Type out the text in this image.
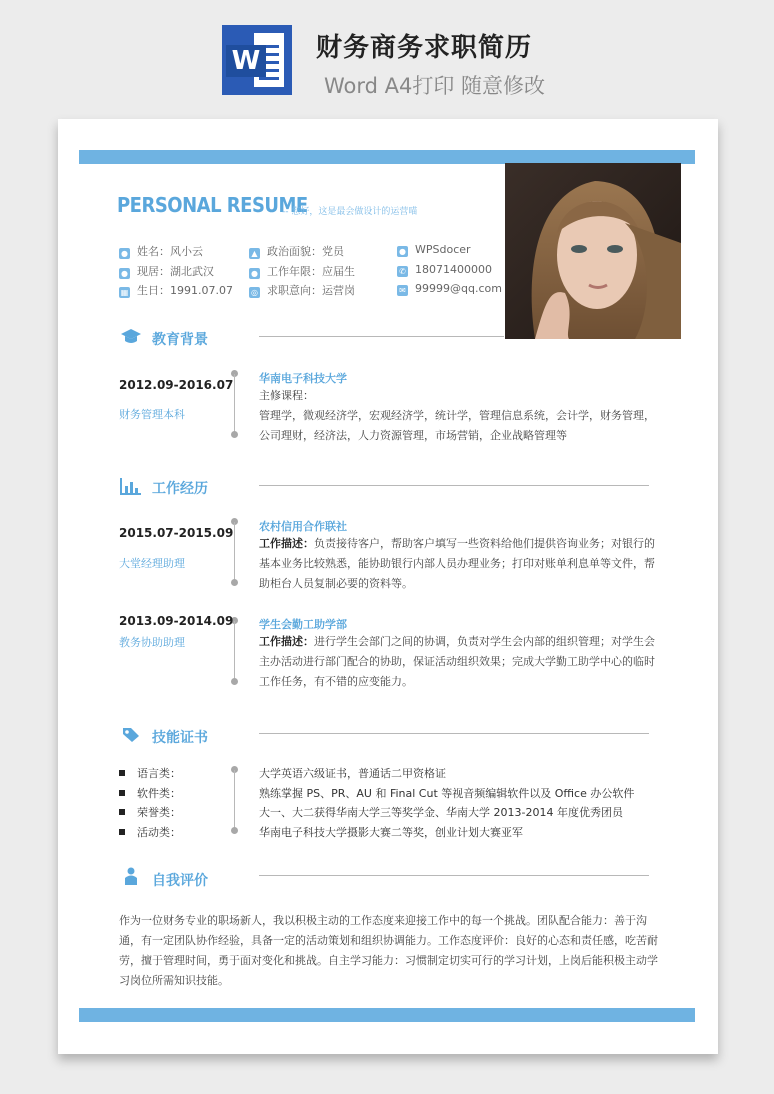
W 财务商务求职简历
Word A4打印 随意修改
PERSONAL RESUME
-- 您好，这是最会做设计的运营喵
● 姓名：风小云
● 现居：湖北武汉
▦ 生日：1991.07.07
▲ 政治面貌：党员
● 工作年限：应届生
◎ 求职意向：运营岗
● WPSdocer
✆ 18071400000
✉ 99999@qq.com
教育背景
2012.09-2016.07
财务管理本科
华南电子科技大学
主修课程：
管理学，微观经济学，宏观经济学，统计学，管理信息系统，会计学，财务管理，公司理财，经济法，人力资源管理，市场营销，企业战略管理等
工作经历
2015.07-2015.09
大堂经理助理
农村信用合作联社
工作描述：负责接待客户，帮助客户填写一些资料给他们提供咨询业务；对银行的基本业务比较熟悉，能协助银行内部人员办理业务；打印对账单利息单等文件，帮助柜台人员复制必要的资料等。
2013.09-2014.09
教务协助助理
学生会勤工助学部
工作描述：进行学生会部门之间的协调，负责对学生会内部的组织管理；对学生会主办活动进行部门配合的协助，保证活动组织效果；完成大学勤工助学中心的临时工作任务，有不错的应变能力。
技能证书
语言类：
软件类：
荣誉类：
活动类：
大学英语六级证书，普通话二甲资格证
熟练掌握 PS、PR、AU 和 Final Cut 等视音频编辑软件以及 Office 办公软件
大一、大二获得华南大学三等奖学金、华南大学 2013-2014 年度优秀团员
华南电子科技大学摄影大赛二等奖，创业计划大赛亚军
自我评价
作为一位财务专业的职场新人，我以积极主动的工作态度来迎接工作中的每一个挑战。团队配合能力：善于沟通，有一定团队协作经验，具备一定的活动策划和组织协调能力。工作态度评价：良好的心态和责任感，吃苦耐劳，擅于管理时间，勇于面对变化和挑战。自主学习能力：习惯制定切实可行的学习计划，上岗后能积极主动学习岗位所需知识技能。
